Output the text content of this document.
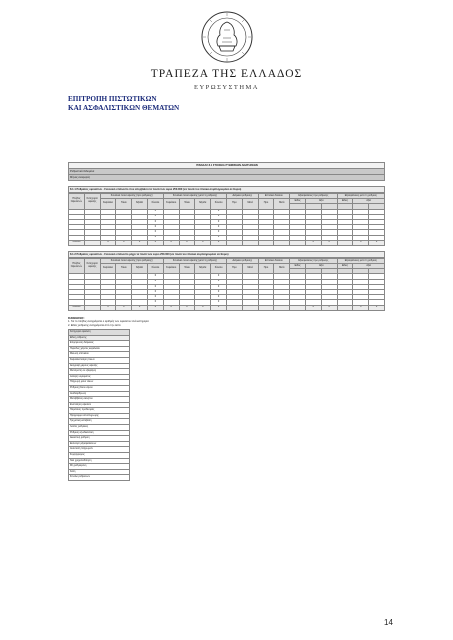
ΤΡΑΠΕΖΑ ΤΗΣ ΕΛΛΑΔΟΣ
ΕΥΡΩΣΥΣΤΗΜΑ
ΕΠΙΤΡΟΠΗ ΠΙΣΤΩΤΙΚΩΝ
ΚΑΙ ΑΣΦΑΛΙΣΤΙΚΩΝ ΘΕΜΑΤΩΝ
ΠΙΝΑΚΑΣ 8.1 ΣΤΟΙΧΕΙΑ ΡΥΘΜΙΣΕΩΝ ΑΝΑΤΗΣΕΩΝ
Ρυθμιστικά δεδομένα
Μήνας αναφοράς
8.1.1 Ρυθμίσεις οφειλέτων - Συνολικό υπόλοιπο που υπερβαίνει τα ποσά των ευρώ 250.000 (σε ποσά του πίνακα συμπληρωμένα σε Ευρώ)
Πλήθος Οφειλέτων	Κατηγορία οφειλής	Συνολικό ποσό οφειλής (προ ρύθμισης)				Συνολικό ποσό οφειλής (μετά τη ρύθμιση)				Διάρκεια ρύθμισης		Επιτόκιο δανείου		Εξασφαλίσεις προ ρύθμισης			Εξασφαλίσεις μετά τη ρύθμιση		
		Κεφάλαιο	Τόκοι	Έξοδα	Σύνολο	Κεφάλαιο	Τόκοι	Έξοδα	Σύνολο	Προ	Μετά	Προ	Μετά	Είδος	Αξία		Είδος	Αξία	

					0				0										
					0				0										
					0				0										
					0				0										
					0				0										
					0				0										
Σύνολο		0	0	0	0	0	0	0	0						0	0		0	0
8.1.2 Ρυθμίσεις οφειλέτων - Συνολικό υπόλοιπο μέχρι τα ποσά των ευρώ 250.000 (σε ποσά του πίνακα συμπληρωμένα σε Ευρώ)
Πλήθος Οφειλέτων	Κατηγορία οφειλής	Συνολικό ποσό οφειλής (προ ρύθμισης)				Συνολικό ποσό οφειλής (μετά τη ρύθμιση)				Διάρκεια ρύθμισης		Επιτόκιο δανείου		Εξασφαλίσεις προ ρύθμισης			Εξασφαλίσεις μετά τη ρύθμιση		
		Κεφάλαιο	Τόκοι	Έξοδα	Σύνολο	Κεφάλαιο	Τόκοι	Έξοδα	Σύνολο	Προ	Μετά	Προ	Μετά	Είδος	Αξία		Είδος	Αξία	

					0				0										
					0				0										
					0				0										
					0				0										
					0				0										
					0				0										
Σύνολο		0	0	0	0	0	0	0	0						0	0		0	0
ΣΗΜΕΙΩΣΕΙΣ:
1. Για το πλήθος αναγράφεται ο αριθμός των οφειλετών ανά κατηγορία
2. Είδος ρύθμισης αναγράφεται από την λίστα
Κατηγορία οφειλέτη
Είδος ρύθμισης
Επιμήκυνση διάρκειας
Περίοδος χάριτος κεφαλαίου
Μείωση επιτοκίου
Κεφαλαιοποίηση τόκων
Διαγραφή μέρους οφειλής
Μετατροπή σε εξόφληση
Αλλαγή νομίσματος
Πληρωμή μόνο τόκων
Ρύθμιση βάσει νόμου
Αναδιάρθρωση
Μεταβίβαση ακινήτου
Ενοποίηση οφειλών
Παράταση προθεσμίας
Πρόγραμμα αποπληρωμής
Τμηματική καταβολή
Λοιπές ρυθμίσεις
Ρύθμιση εξωδικαστική
Δικαστική ρύθμιση
Εκποίηση εξασφαλίσεων
Αναστολή πληρωμών
Συμψηφισμός
Νέα χρηματοδότηση
Μη ρυθμισμένη
Άλλη
Σύνολο ρυθμίσεων
14
